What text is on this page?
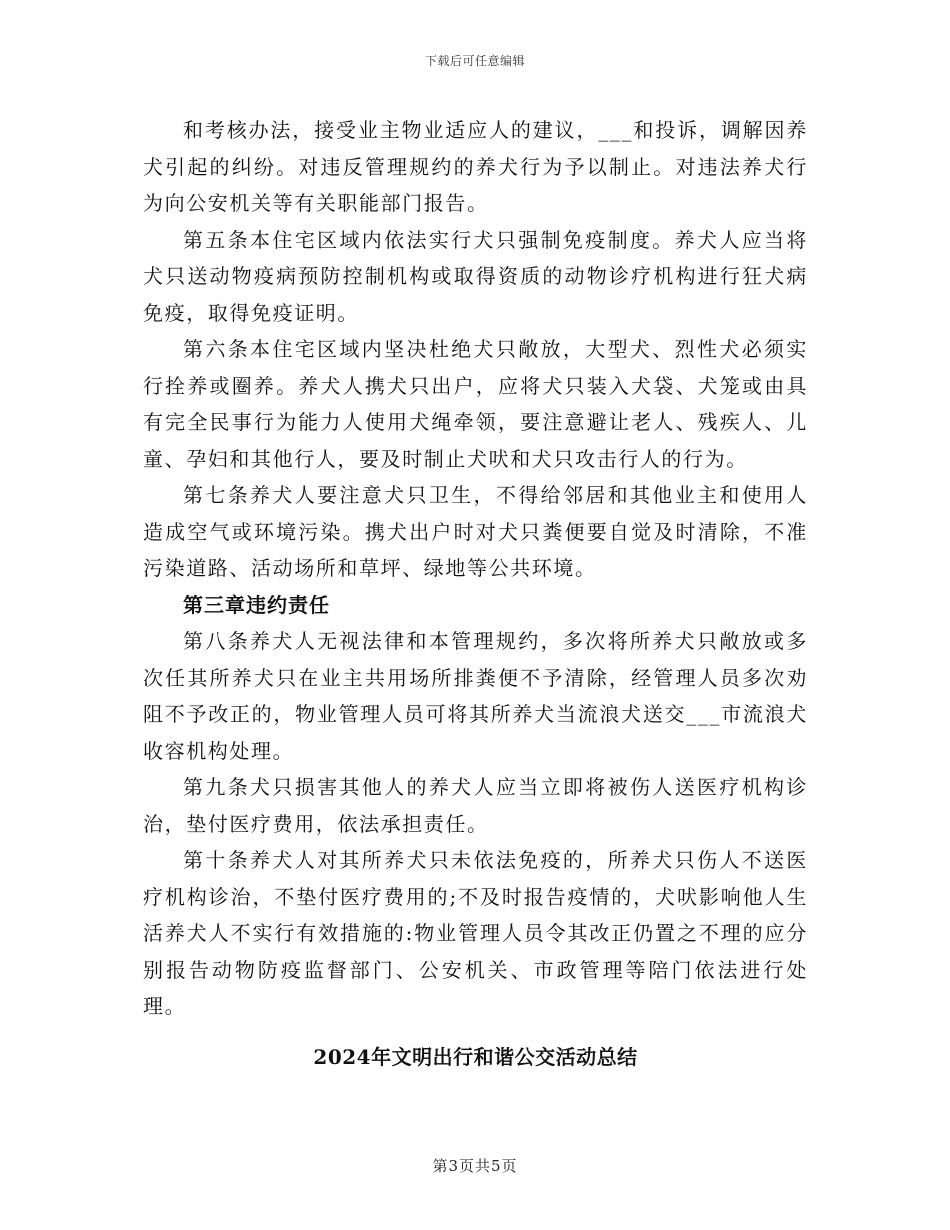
下载后可任意编辑

和考核办法，接受业主物业适应人的建议，___和投诉，调解因养犬引起的纠纷。对违反管理规约的养犬行为予以制止。对违法养犬行为向公安机关等有关职能部门报告。

第五条本住宅区域内依法实行犬只强制免疫制度。养犬人应当将犬只送动物疫病预防控制机构或取得资质的动物诊疗机构进行狂犬病免疫，取得免疫证明。

第六条本住宅区域内坚决杜绝犬只敞放，大型犬、烈性犬必须实行拴养或圈养。养犬人携犬只出户，应将犬只装入犬袋、犬笼或由具有完全民事行为能力人使用犬绳牵领，要注意避让老人、残疾人、儿童、孕妇和其他行人，要及时制止犬吠和犬只攻击行人的行为。

第七条养犬人要注意犬只卫生，不得给邻居和其他业主和使用人造成空气或环境污染。携犬出户时对犬只粪便要自觉及时清除，不准污染道路、活动场所和草坪、绿地等公共环境。

第三章违约责任

第八条养犬人无视法律和本管理规约，多次将所养犬只敞放或多次任其所养犬只在业主共用场所排粪便不予清除，经管理人员多次劝阻不予改正的，物业管理人员可将其所养犬当流浪犬送交___市流浪犬收容机构处理。

第九条犬只损害其他人的养犬人应当立即将被伤人送医疗机构诊治，垫付医疗费用，依法承担责任。

第十条养犬人对其所养犬只未依法免疫的，所养犬只伤人不送医疗机构诊治，不垫付医疗费用的;不及时报告疫情的，犬吠影响他人生活养犬人不实行有效措施的:物业管理人员令其改正仍置之不理的应分别报告动物防疫监督部门、公安机关、市政管理等陪门依法进行处理。

2024年文明出行和谐公交活动总结

第3页共5页
